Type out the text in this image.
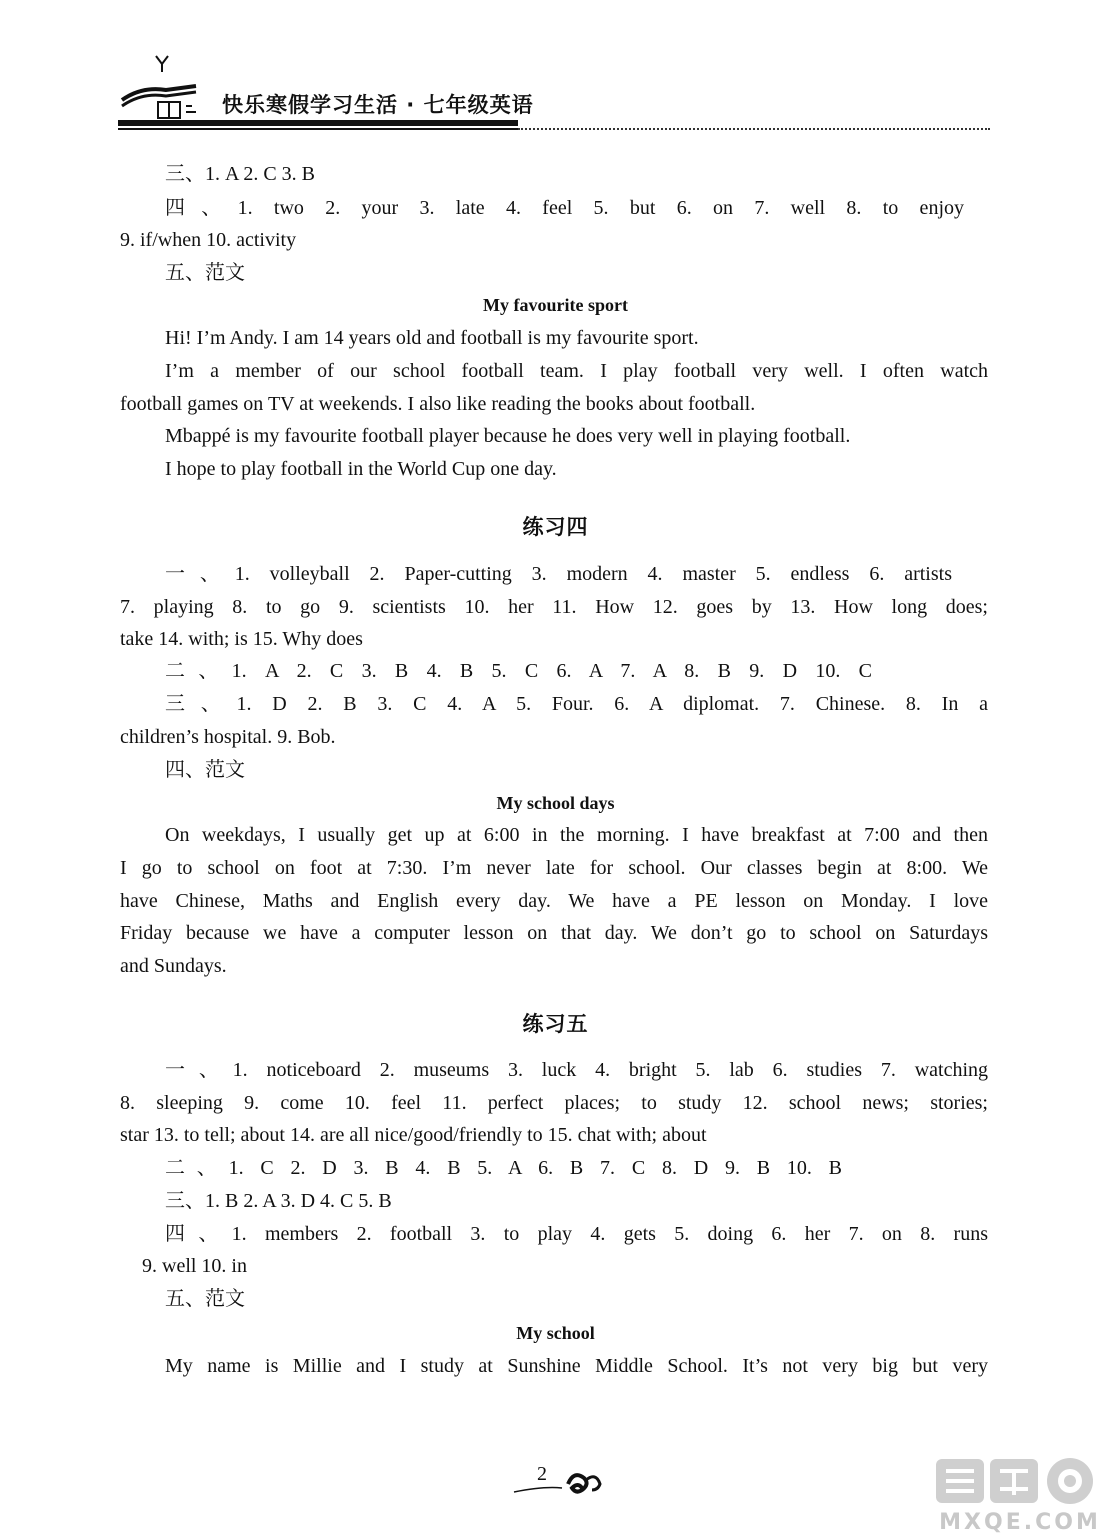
快乐寒假学习生活 · 七年级英语
三、1. A 2. C 3. B
四、1. two 2. your 3. late 4. feel 5. but 6. on 7. well 8. to enjoy
9. if/when 10. activity
五、范文
My favourite sport
Hi! I’m Andy. I am 14 years old and football is my favourite sport.
I’m a member of our school football team. I play football very well. I often watch
football games on TV at weekends. I also like reading the books about football.
Mbappé is my favourite football player because he does very well in playing football.
I hope to play football in the World Cup one day.
练习四
一、1. volleyball 2. Paper-cutting 3. modern 4. master 5. endless 6. artists
7. playing 8. to go 9. scientists 10. her 11. How 12. goes by 13. How long does;
take 14. with; is 15. Why does
二、1. A 2. C 3. B 4. B 5. C 6. A 7. A 8. B 9. D 10. C
三、1. D 2. B 3. C 4. A 5. Four. 6. A diplomat. 7. Chinese. 8. In a
children’s hospital. 9. Bob.
四、范文
My school days
On weekdays, I usually get up at 6:00 in the morning. I have breakfast at 7:00 and then
I go to school on foot at 7:30. I’m never late for school. Our classes begin at 8:00. We
have Chinese, Maths and English every day. We have a PE lesson on Monday. I love
Friday because we have a computer lesson on that day. We don’t go to school on Saturdays
and Sundays.
练习五
一、1. noticeboard 2. museums 3. luck 4. bright 5. lab 6. studies 7. watching
8. sleeping 9. come 10. feel 11. perfect places; to study 12. school news; stories;
star 13. to tell; about 14. are all nice/good/friendly to 15. chat with; about
二、1. C 2. D 3. B 4. B 5. A 6. B 7. C 8. D 9. B 10. B
三、1. B 2. A 3. D 4. C 5. B
四、1. members 2. football 3. to play 4. gets 5. doing 6. her 7. on 8. runs
9. well 10. in
五、范文
My school
My name is Millie and I study at Sunshine Middle School. It’s not very big but very
2
MXQE.COM
